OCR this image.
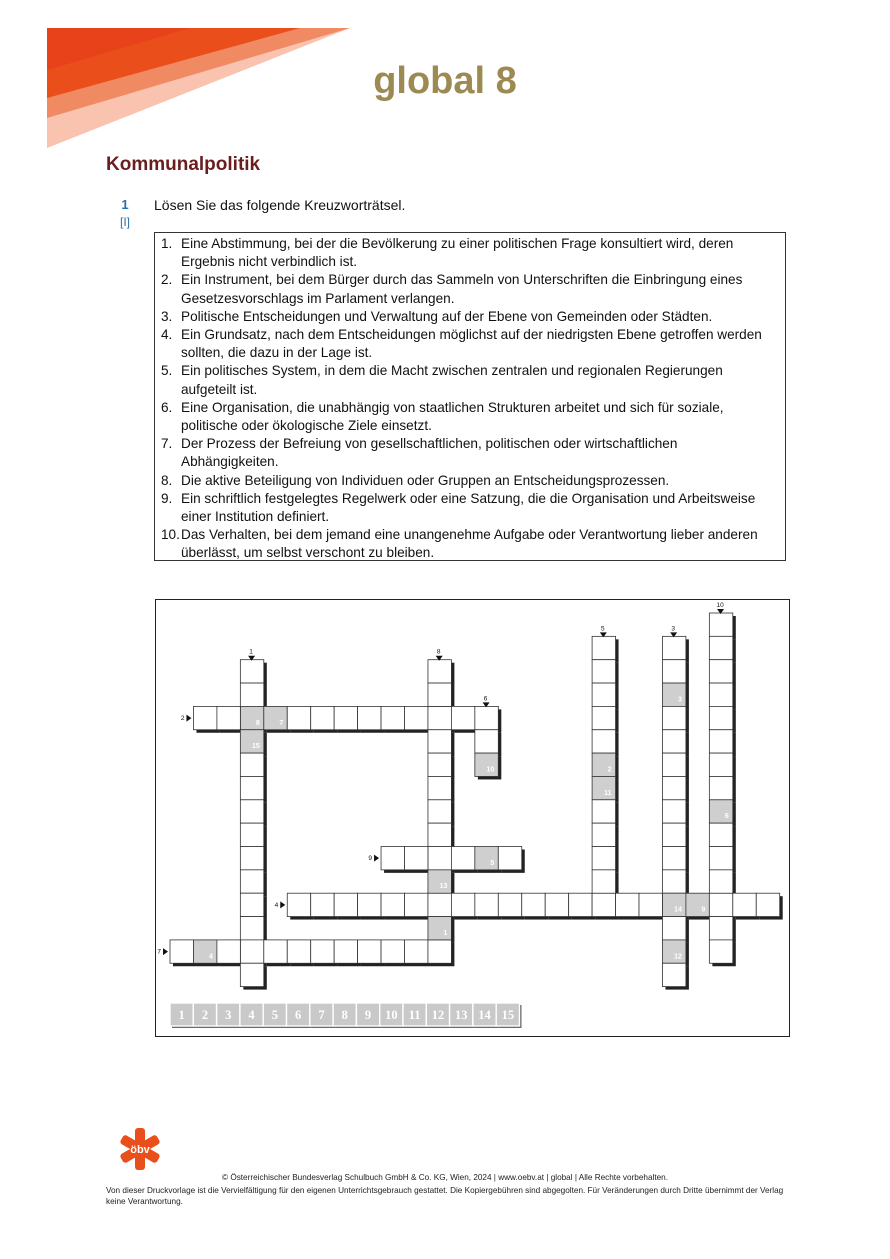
global 8
Kommunalpolitik
1
[I]
Lösen Sie das folgende Kreuzworträtsel.
1. Eine Abstimmung, bei der die Bevölkerung zu einer politischen Frage konsultiert wird, deren Ergebnis nicht verbindlich ist.
2. Ein Instrument, bei dem Bürger durch das Sammeln von Unterschriften die Einbringung eines Gesetzesvorschlags im Parlament verlangen.
3. Politische Entscheidungen und Verwaltung auf der Ebene von Gemeinden oder Städten.
4. Ein Grundsatz, nach dem Entscheidungen möglichst auf der niedrigsten Ebene getroffen werden sollten, die dazu in der Lage ist.
5. Ein politisches System, in dem die Macht zwischen zentralen und regionalen Regierungen aufgeteilt ist.
6. Eine Organisation, die unabhängig von staatlichen Strukturen arbeitet und sich für soziale, politische oder ökologische Ziele einsetzt.
7. Der Prozess der Befreiung von gesellschaftlichen, politischen oder wirtschaftlichen Abhängigkeiten.
8. Die aktive Beteiligung von Individuen oder Gruppen an Entscheidungsprozessen.
9. Ein schriftlich festgelegtes Regelwerk oder eine Satzung, die die Organisation und Arbeitsweise einer Institution definiert.
10. Das Verhalten, bei dem jemand eine unangenehme Aufgabe oder Verantwortung lieber anderen überlässt, um selbst verschont zu bleiben.
8
15
7
3
14
12
9
2
11
10
4
13
1
5
6
1
2
3
4
5
6
7
8
9
10
1 2 3 4 5 6 7 8 9 10 11 12 13 14 15
öbv
© Österreichischer Bundesverlag Schulbuch GmbH & Co. KG, Wien, 2024 | www.oebv.at | global | Alle Rechte vorbehalten.
Von dieser Druckvorlage ist die Vervielfältigung für den eigenen Unterrichtsgebrauch gestattet. Die Kopiergebühren sind abgegolten. Für Veränderungen durch Dritte übernimmt der Verlag keine Verantwortung.
